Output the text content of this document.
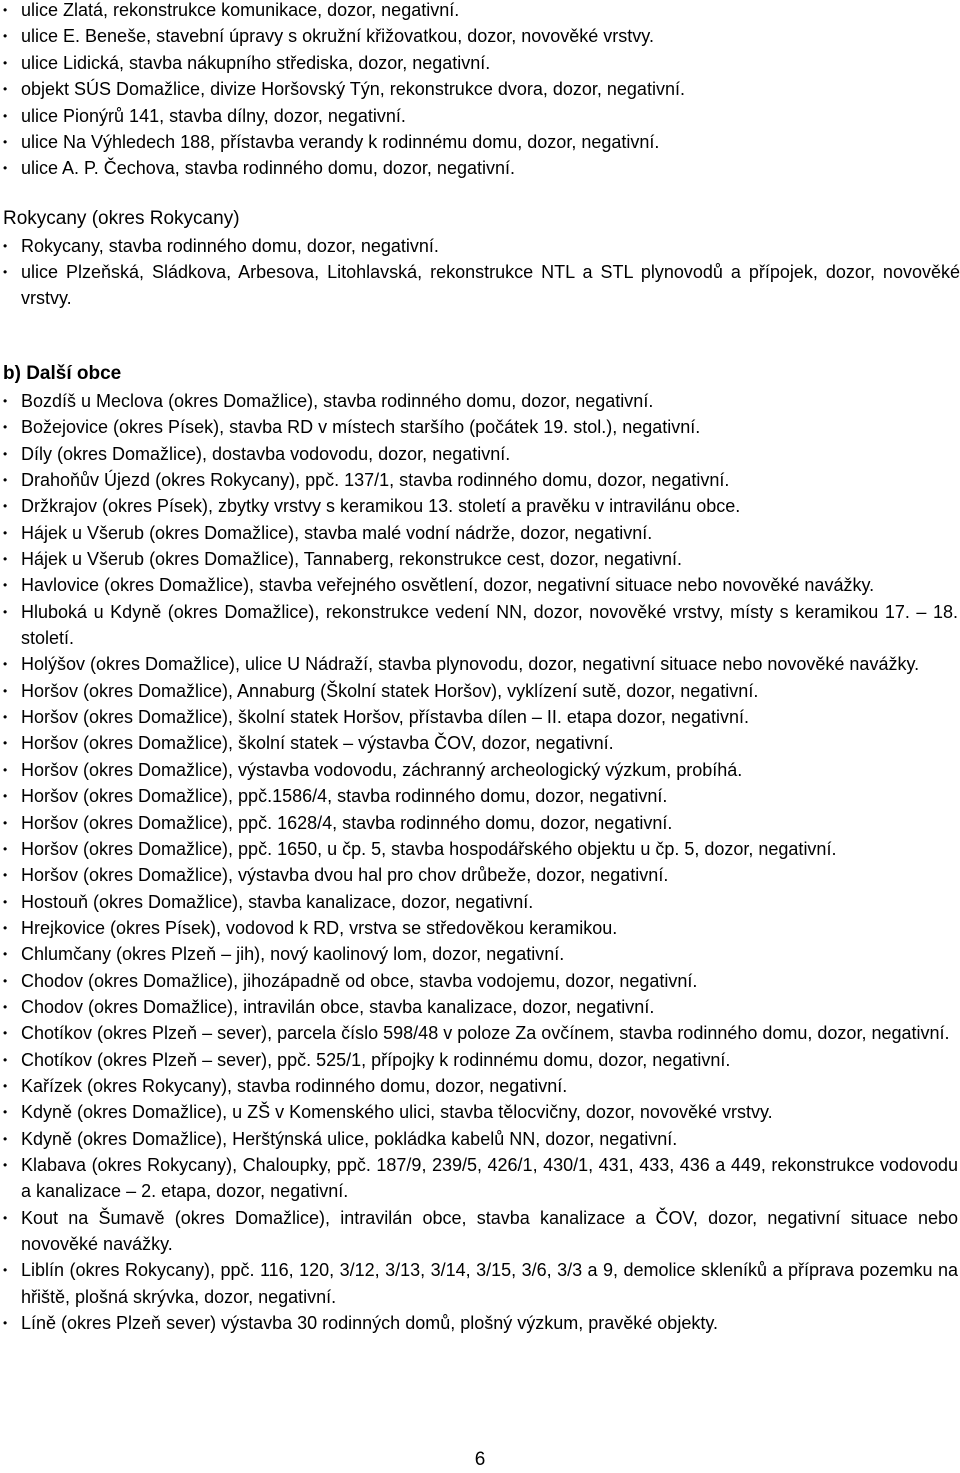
• ulice Zlatá, rekonstrukce komunikace, dozor, negativní.
• ulice E. Beneše, stavební úpravy s okružní křižovatkou, dozor, novověké vrstvy.
• ulice Lidická, stavba nákupního střediska, dozor, negativní.
• objekt SÚS Domažlice, divize Horšovský Týn, rekonstrukce dvora, dozor, negativní.
• ulice Pionýrů 141, stavba dílny, dozor, negativní.
• ulice Na Výhledech 188, přístavba verandy k rodinnému domu, dozor, negativní.
• ulice A. P. Čechova, stavba rodinného domu, dozor, negativní.
Rokycany (okres Rokycany)
• Rokycany, stavba rodinného domu, dozor, negativní.
• ulice Plzeňská, Sládkova, Arbesova, Litohlavská, rekonstrukce NTL a STL plynovodů a přípojek, dozor, novověké vrstvy.
b) Další obce
• Bozdíš u Meclova (okres Domažlice), stavba rodinného domu, dozor, negativní.
• Božejovice (okres Písek), stavba RD v místech staršího (počátek 19. stol.), negativní.
• Díly (okres Domažlice), dostavba vodovodu, dozor, negativní.
• Drahoňův Újezd (okres Rokycany), ppč. 137/1, stavba rodinného domu, dozor, negativní.
• Držkrajov (okres Písek), zbytky vrstvy s keramikou 13. století a pravěku v intravilánu obce.
• Hájek u Všerub (okres Domažlice), stavba malé vodní nádrže, dozor, negativní.
• Hájek u Všerub (okres Domažlice), Tannaberg, rekonstrukce cest, dozor, negativní.
• Havlovice (okres Domažlice), stavba veřejného osvětlení, dozor, negativní situace nebo novověké navážky.
• Hluboká u Kdyně (okres Domažlice), rekonstrukce vedení NN, dozor, novověké vrstvy, místy s keramikou 17. – 18. století.
• Holýšov (okres Domažlice), ulice U Nádraží, stavba plynovodu, dozor, negativní situace nebo novověké navážky.
• Horšov (okres Domažlice), Annaburg (Školní statek Horšov), vyklízení sutě, dozor, negativní.
• Horšov (okres Domažlice), školní statek Horšov, přístavba dílen – II. etapa dozor, negativní.
• Horšov (okres Domažlice), školní statek – výstavba ČOV, dozor, negativní.
• Horšov (okres Domažlice), výstavba vodovodu, záchranný archeologický výzkum, probíhá.
• Horšov (okres Domažlice), ppč.1586/4, stavba rodinného domu, dozor, negativní.
• Horšov (okres Domažlice), ppč. 1628/4, stavba rodinného domu, dozor, negativní.
• Horšov (okres Domažlice), ppč. 1650, u čp. 5, stavba hospodářského objektu u čp. 5, dozor, negativní.
• Horšov (okres Domažlice), výstavba dvou hal pro chov drůbeže, dozor, negativní.
• Hostouň (okres Domažlice), stavba kanalizace, dozor, negativní.
• Hrejkovice (okres Písek), vodovod k RD, vrstva se středověkou keramikou.
• Chlumčany (okres Plzeň – jih), nový kaolinový lom, dozor, negativní.
• Chodov (okres Domažlice), jihozápadně od obce, stavba vodojemu, dozor, negativní.
• Chodov (okres Domažlice), intravilán obce, stavba kanalizace, dozor, negativní.
• Chotíkov (okres Plzeň – sever), parcela číslo 598/48 v poloze Za ovčínem, stavba rodinného domu, dozor, negativní.
• Chotíkov (okres Plzeň – sever), ppč. 525/1, přípojky k rodinnému domu, dozor, negativní.
• Kařízek (okres Rokycany), stavba rodinného domu, dozor, negativní.
• Kdyně (okres Domažlice), u ZŠ v Komenského ulici, stavba tělocvičny, dozor, novověké vrstvy.
• Kdyně (okres Domažlice), Herštýnská ulice, pokládka kabelů NN, dozor, negativní.
• Klabava (okres Rokycany), Chaloupky, ppč. 187/9, 239/5, 426/1, 430/1, 431, 433, 436 a 449, rekonstrukce vodovodu a kanalizace – 2. etapa, dozor, negativní.
• Kout na Šumavě (okres Domažlice), intravilán obce, stavba kanalizace a ČOV, dozor, negativní situace nebo novověké navážky.
• Liblín (okres Rokycany), ppč. 116, 120, 3/12, 3/13, 3/14, 3/15, 3/6, 3/3 a 9, demolice skleníků a příprava pozemku na hřiště, plošná skrývka, dozor, negativní.
• Líně (okres Plzeň sever) výstavba 30 rodinných domů, plošný výzkum, pravěké objekty.
6
